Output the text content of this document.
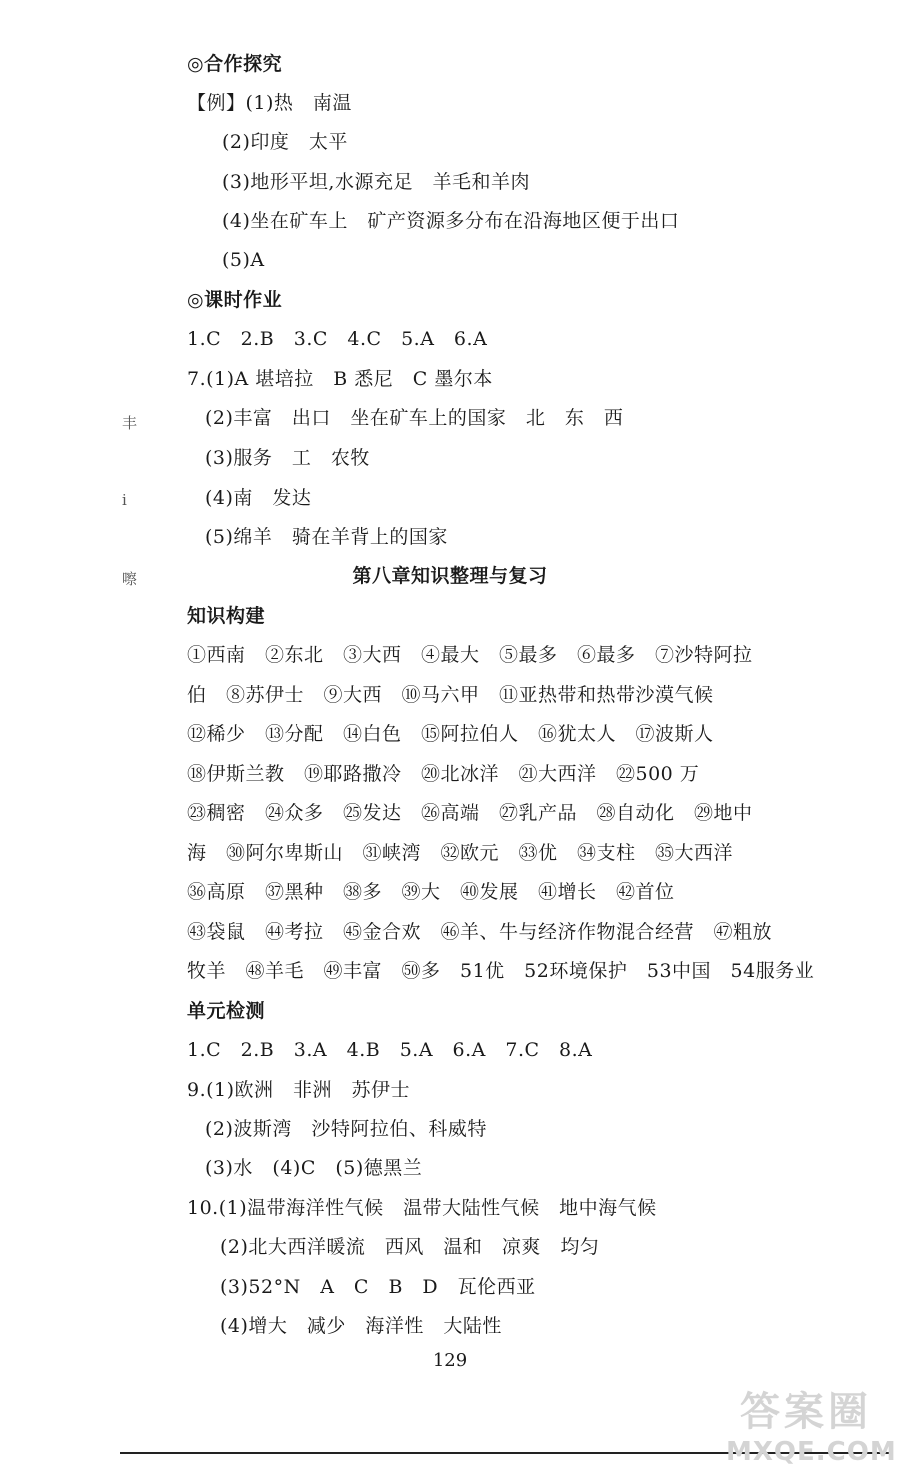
◎合作探究
【例】(1)热　南温
(2)印度　太平
(3)地形平坦,水源充足　羊毛和羊肉
(4)坐在矿车上　矿产资源多分布在沿海地区便于出口
(5)A
◎课时作业
1.C　2.B　3.C　4.C　5.A　6.A
7.(1)A 堪培拉　B 悉尼　C 墨尔本
(2)丰富　出口　坐在矿车上的国家　北　东　西
(3)服务　工　农牧
(4)南　发达
(5)绵羊　骑在羊背上的国家
第八章知识整理与复习
知识构建
①西南　②东北　③大西　④最大　⑤最多　⑥最多　⑦沙特阿拉
伯　⑧苏伊士　⑨大西　⑩马六甲　⑪亚热带和热带沙漠气候
⑫稀少　⑬分配　⑭白色　⑮阿拉伯人　⑯犹太人　⑰波斯人
⑱伊斯兰教　⑲耶路撒冷　⑳北冰洋　㉑大西洋　㉒500 万
㉓稠密　㉔众多　㉕发达　㉖高端　㉗乳产品　㉘自动化　㉙地中
海　㉚阿尔卑斯山　㉛峡湾　㉜欧元　㉝优　㉞支柱　㉟大西洋
㊱高原　㊲黑种　㊳多　㊴大　㊵发展　㊶增长　㊷首位
㊸袋鼠　㊹考拉　㊺金合欢　㊻羊、牛与经济作物混合经营　㊼粗放
牧羊　㊽羊毛　㊾丰富　㊿多　51优　52环境保护　53中国　54服务业
单元检测
1.C　2.B　3.A　4.B　5.A　6.A　7.C　8.A
9.(1)欧洲　非洲　苏伊士
(2)波斯湾　沙特阿拉伯、科威特
(3)水　(4)C　(5)德黑兰
10.(1)温带海洋性气候　温带大陆性气候　地中海气候
(2)北大西洋暖流　西风　温和　凉爽　均匀
(3)52°N　A　C　B　D　瓦伦西亚
(4)增大　减少　海洋性　大陆性
丰
i
嚓
129
答案圈
MXQE.COM
